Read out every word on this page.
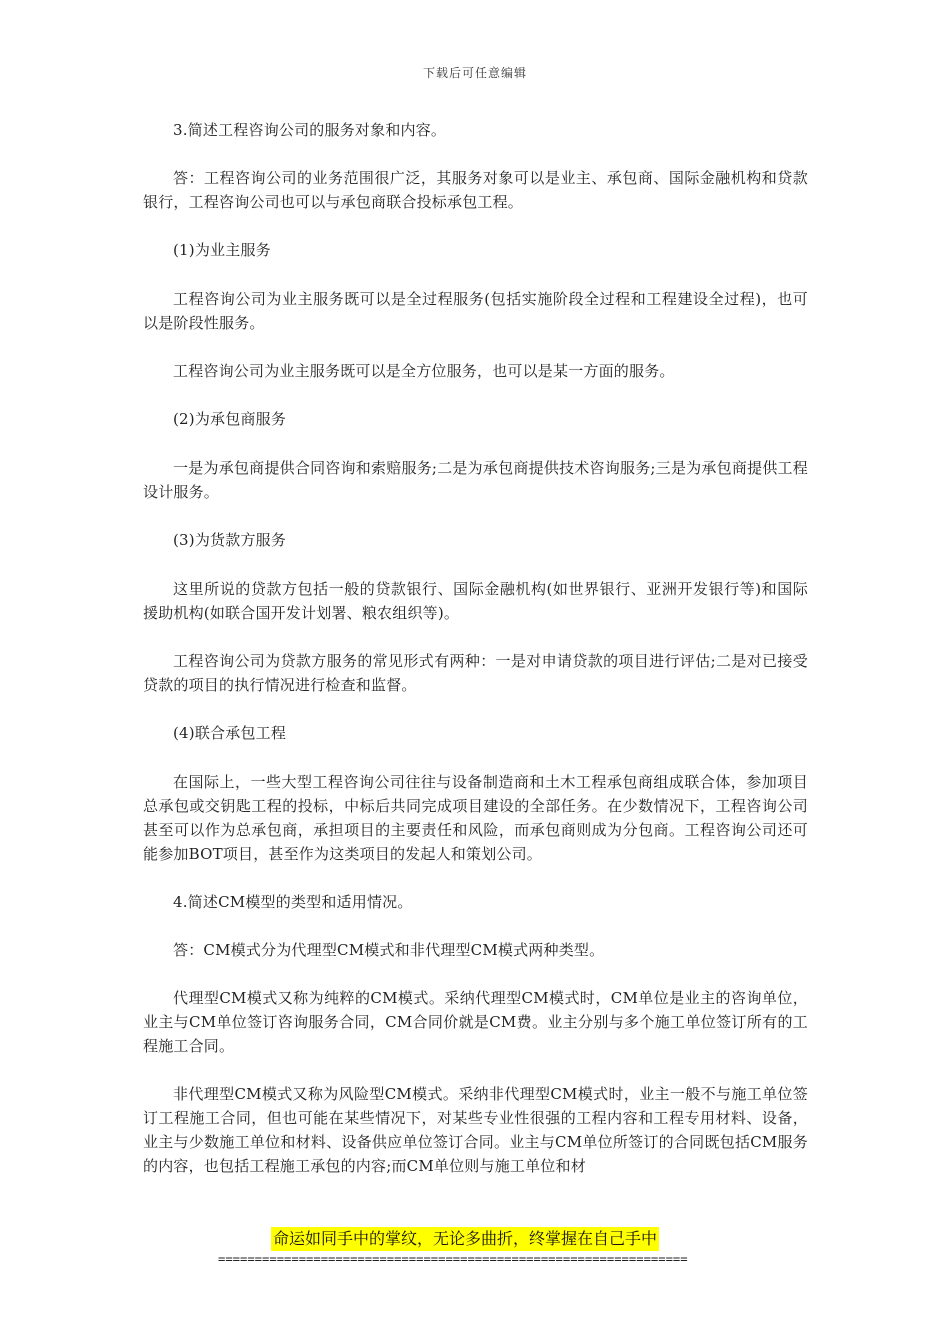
下载后可任意编辑

3.简述工程咨询公司的服务对象和内容。

答：工程咨询公司的业务范围很广泛，其服务对象可以是业主、承包商、国际金融机构和贷款银行，工程咨询公司也可以与承包商联合投标承包工程。

(1)为业主服务

工程咨询公司为业主服务既可以是全过程服务(包括实施阶段全过程和工程建设全过程)，也可以是阶段性服务。

工程咨询公司为业主服务既可以是全方位服务，也可以是某一方面的服务。

(2)为承包商服务

一是为承包商提供合同咨询和索赔服务;二是为承包商提供技术咨询服务;三是为承包商提供工程设计服务。

(3)为货款方服务

这里所说的贷款方包括一般的贷款银行、国际金融机构(如世界银行、亚洲开发银行等)和国际援助机构(如联合国开发计划署、粮农组织等)。

工程咨询公司为贷款方服务的常见形式有两种：一是对申请贷款的项目进行评估;二是对已接受贷款的项目的执行情况进行检查和监督。

(4)联合承包工程

在国际上，一些大型工程咨询公司往往与设备制造商和土木工程承包商组成联合体，参加项目总承包或交钥匙工程的投标，中标后共同完成项目建设的全部任务。在少数情况下，工程咨询公司甚至可以作为总承包商，承担项目的主要责任和风险，而承包商则成为分包商。工程咨询公司还可能参加BOT项目，甚至作为这类项目的发起人和策划公司。

4.简述CM模型的类型和适用情况。

答：CM模式分为代理型CM模式和非代理型CM模式两种类型。

代理型CM模式又称为纯粹的CM模式。采纳代理型CM模式时，CM单位是业主的咨询单位，业主与CM单位签订咨询服务合同，CM合同价就是CM费。业主分别与多个施工单位签订所有的工程施工合同。

非代理型CM模式又称为风险型CM模式。采纳非代理型CM模式时，业主一般不与施工单位签订工程施工合同，但也可能在某些情况下，对某些专业性很强的工程内容和工程专用材料、设备，业主与少数施工单位和材料、设备供应单位签订合同。业主与CM单位所签订的合同既包括CM服务的内容，也包括工程施工承包的内容;而CM单位则与施工单位和材

命运如同手中的掌纹，无论多曲折，终掌握在自己手中
================================================================
